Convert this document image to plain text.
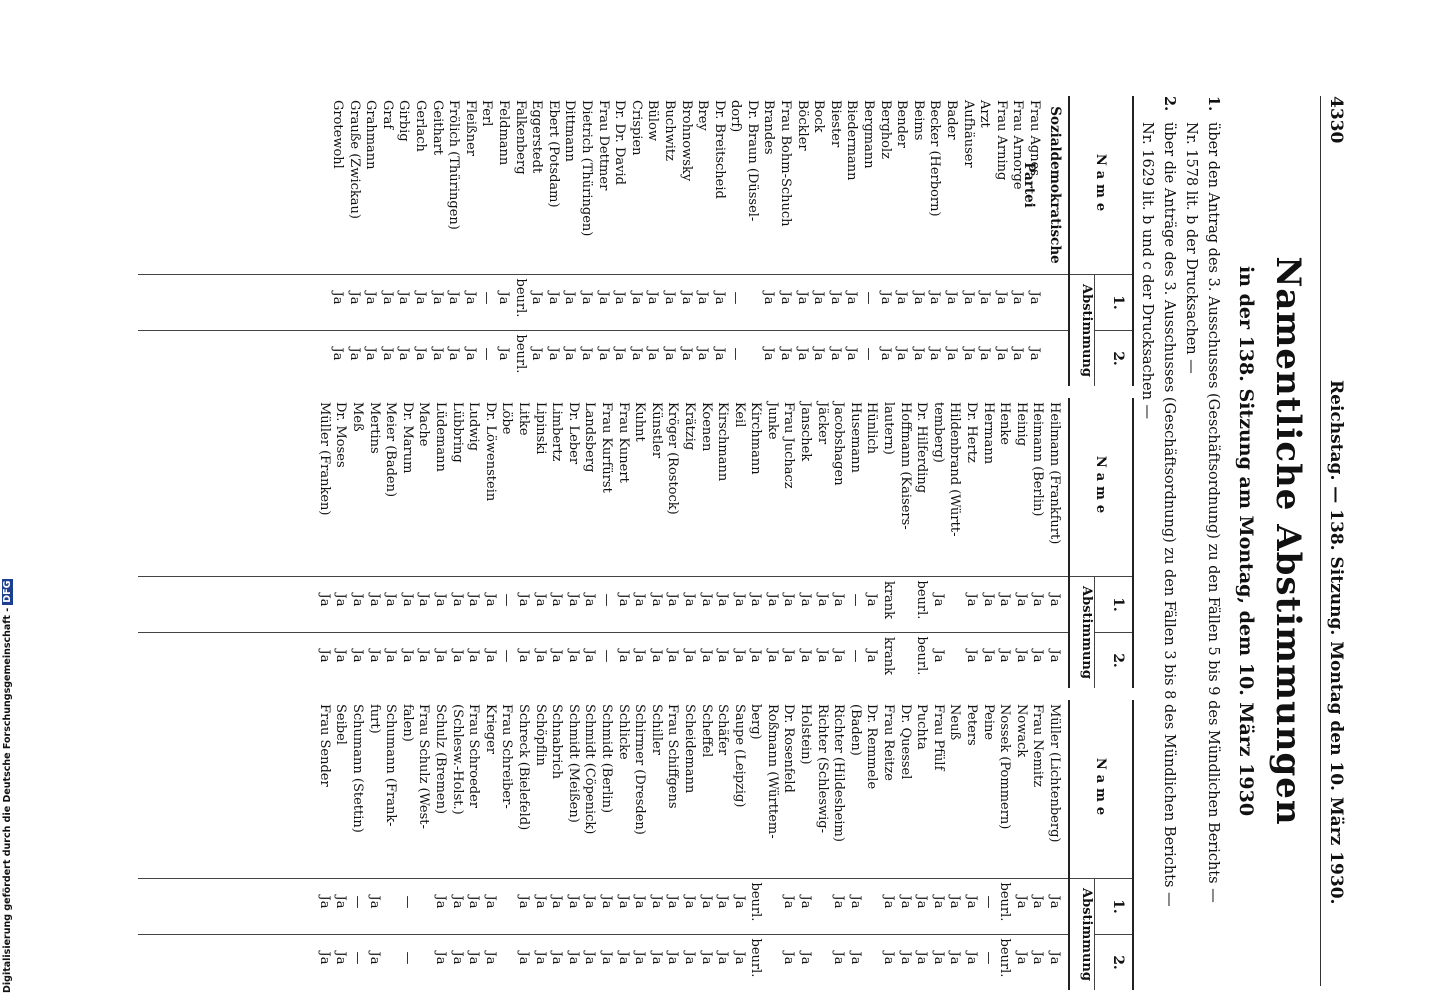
4330
Reichstag. — 138. Sitzung. Montag den 10. März 1930.
Namentliche Abstimmungen
in der 138. Sitzung am Montag, dem 10. März 1930
1.über den Antrag des 3. Ausschusses (Geschäftsordnung) zu den Fällen 5 bis 9 des Mündlichen Berichts —
Nr. 1578 lit. b der Drucksachen —
2.über die Anträge des 3. Ausschusses (Geschäftsordnung) zu den Fällen 3 bis 8 des Mündlichen Berichts —
Nr. 1629 lit. b und c der Drucksachen —
Name
1.
2.
Abstimmung
Sozialdemokratische Partei
Frau Agnes
Ja
Ja
Frau Arnorge
Ja
Ja
Frau Arning
Ja
Ja
Arzt
Ja
Ja
Aufhäuser
Ja
Ja
Bader
Ja
Ja
Becker (Herborn)
Ja
Ja
Beims
Ja
Ja
Bender
Ja
Ja
Bergholz
Ja
Ja
Bergmann
—
—
Biedermann
Ja
Ja
Biester
Ja
Ja
Bock
Ja
Ja
Böckler
Ja
Ja
Frau Bohm-Schuch
Ja
Ja
Brandes
Ja
Ja
Dr. Braun (Düssel-
dorf)
—
—
Dr. Breitscheid
Ja
Ja
Brey
Ja
Ja
Brohnowsky
Ja
Ja
Buchwitz
Ja
Ja
Bülow
Ja
Ja
Crispien
Ja
Ja
Dr. Dr. David
Ja
Ja
Frau Dettmer
Ja
Ja
Dietrich (Thüringen)
Ja
Ja
Dittmann
Ja
Ja
Ebert (Potsdam)
Ja
Ja
Eggerstedt
Ja
Ja
Falkenberg
beurl.
beurl.
Feldmann
Ja
Ja
Ferl
—
—
Fleißner
Ja
Ja
Frölich (Thüringen)
Ja
Ja
Geithart
Ja
Ja
Gerlach
Ja
Ja
Girbig
Ja
Ja
Graf
Ja
Ja
Grahmann
Ja
Ja
Grauße (Zwickau)
Ja
Ja
Grotewohl
Ja
Ja
Name
1.
2.
Abstimmung
Heilmann (Frankfurt)
Ja
Ja
Heimann (Berlin)
Ja
Ja
Heinig
Ja
Ja
Henke
Ja
Ja
Hermann
Ja
Ja
Dr. Hertz
Ja
Ja
Hildenbrand (Württ-
temberg)
Ja
Ja
Dr. Hilferding
beurl.
beurl.
Hoffmann (Kaisers-
lautern)
krank
krank
Hünlich
Ja
Ja
Husemann
—
—
Jacobshagen
Ja
Ja
Jäcker
Ja
Ja
Janschek
Ja
Ja
Frau Juchacz
Ja
Ja
Junke
Ja
Ja
Kirchmann
Ja
Ja
Keil
Ja
Ja
Kirschmann
Ja
Ja
Koenen
Ja
Ja
Krätzig
Ja
Ja
Kröger (Rostock)
Ja
Ja
Künstler
Ja
Ja
Kuhnt
Ja
Ja
Frau Kunert
Ja
Ja
Frau Kurfürst
—
—
Landsberg
Ja
Ja
Dr. Leber
Ja
Ja
Limbertz
Ja
Ja
Lipinski
Ja
Ja
Litke
Ja
Ja
Löbe
—
—
Dr. Löwenstein
Ja
Ja
Ludwig
Ja
Ja
Lübbring
Ja
Ja
Lüdemann
Ja
Ja
Mache
Ja
Ja
Dr. Marum
Ja
Ja
Meier (Baden)
Ja
Ja
Mertins
Ja
Ja
Meß
Ja
Ja
Dr. Moses
Ja
Ja
Müller (Franken)
Ja
Ja
Name
1.
2.
Abstimmung
Müller (Lichtenberg)
Ja
Ja
Frau Nemitz
Ja
Ja
Nowack
Ja
Ja
Nossek (Pommern)
beurl.
beurl.
Peine
—
—
Peters
Ja
Ja
Neuß
Ja
Ja
Frau Pfülf
Ja
Ja
Puchta
Ja
Ja
Dr. Quessel
Ja
Ja
Frau Reitze
Ja
Ja
Dr. Remmele
(Baden)
Ja
Ja
Richter (Hildesheim)
Ja
Ja
Richter (Schleswig-
Holstein)
Ja
Ja
Dr. Rosenfeld
Ja
Ja
Roßmann (Württem-
berg)
beurl.
beurl.
Saupe (Leipzig)
Ja
Ja
Schäfer
Ja
Ja
Scheffel
Ja
Ja
Scheidemann
Ja
Ja
Frau Schiffgens
Ja
Ja
Schiller
Ja
Ja
Schirmer (Dresden)
Ja
Ja
Schlicke
Ja
Ja
Schmidt (Berlin)
Ja
Ja
Schmidt (Cöpenick)
Ja
Ja
Schmidt (Meißen)
Ja
Ja
Schnabrich
Ja
Ja
Schöpflin
Ja
Ja
Schreck (Bielefeld)
Ja
Ja
Frau Schreiber-
Krieger
Ja
Ja
Frau Schroeder
Ja
Ja
(Schlesw.-Holst.)
Ja
Ja
Schulz (Bremen)
Ja
Ja
Frau Schulz (West-
falen)
—
—
Schumann (Frank-
furt)
Ja
Ja
Schumann (Stettin)
—
—
Seibel
Ja
Ja
Frau Sender
Ja
Ja
Digitalisierung gefördert durch die Deutsche Forschungsgemeinschaft -DFG
